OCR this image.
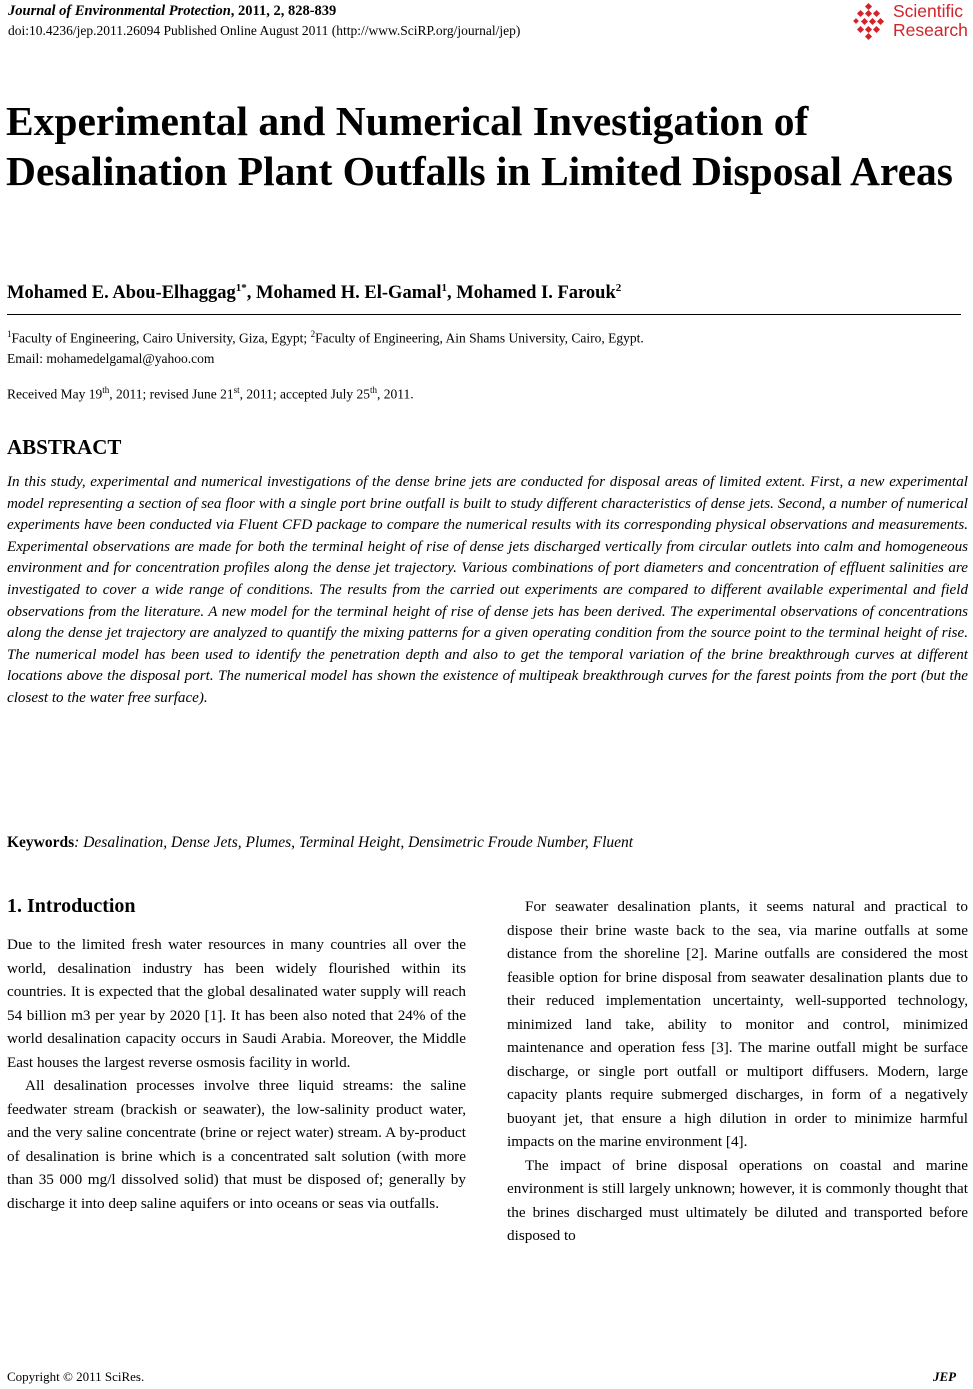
Journal of Environmental Protection, 2011, 2, 828-839
doi:10.4236/jep.2011.26094 Published Online August 2011 (http://www.SciRP.org/journal/jep)
Scientific
Research
Experimental and Numerical Investigation of Desalination Plant Outfalls in Limited Disposal Areas
Mohamed E. Abou-Elhaggag$^{1*}$, Mohamed H. El-Gamal$^1$, Mohamed I. Farouk$^2$
$^1$Faculty of Engineering, Cairo University, Giza, Egypt; $^2$Faculty of Engineering, Ain Shams University, Cairo, Egypt.
Email: mohamedelgamal@yahoo.com
Received May 19th, 2011; revised June 21st, 2011; accepted July 25th, 2011.
ABSTRACT

In this study, experimental and numerical investigations of the dense brine jets are conducted for disposal areas of limited extent. First, a new experimental model representing a section of sea floor with a single port brine outfall is built to study different characteristics of dense jets. Second, a number of numerical experiments have been conducted via Fluent CFD package to compare the numerical results with its corresponding physical observations and measurements. Experimental observations are made for both the terminal height of rise of dense jets discharged vertically from circular outlets into calm and homogeneous environment and for concentration profiles along the dense jet trajectory. Various combinations of port diameters and concentration of effluent salinities are investigated to cover a wide range of conditions. The results from the carried out experiments are compared to different available experimental and field observations from the literature. A new model for the terminal height of rise of dense jets has been derived. The experimental observations of concentrations along the dense jet trajectory are analyzed to quantify the mixing patterns for a given operating condition from the source point to the terminal height of rise. The numerical model has been used to identify the penetration depth and also to get the temporal variation of the brine breakthrough curves at different locations above the disposal port. The numerical model has shown the existence of multipeak breakthrough curves for the farest points from the port (but the closest to the water free surface).

Keywords: Desalination, Dense Jets, Plumes, Terminal Height, Densimetric Froude Number, Fluent
1. Introduction

Due to the limited fresh water resources in many countries all over the world, desalination industry has been widely flourished within its countries. It is expected that the global desalinated water supply will reach 54 billion m3 per year by 2020 [1]. It has been also noted that 24% of the world desalination capacity occurs in Saudi Arabia. Moreover, the Middle East houses the largest reverse osmosis facility in world.

All desalination processes involve three liquid streams: the saline feedwater stream (brackish or seawater), the low-salinity product water, and the very saline concentrate (brine or reject water) stream. A by-product of desalination is brine which is a concentrated salt solution (with more than 35 000 mg/l dissolved solid) that must be disposed of; generally by discharge it into deep saline aquifers or into oceans or seas via outfalls.

For seawater desalination plants, it seems natural and practical to dispose their brine waste back to the sea, via marine outfalls at some distance from the shoreline [2]. Marine outfalls are considered the most feasible option for brine disposal from seawater desalination plants due to their reduced implementation uncertainty, well-supported technology, minimized land take, ability to monitor and control, minimized maintenance and operation fess [3]. The marine outfall might be surface discharge, or single port outfall or multiport diffusers. Modern, large capacity plants require submerged discharges, in form of a negatively buoyant jet, that ensure a high dilution in order to minimize harmful impacts on the marine environment [4].

The impact of brine disposal operations on coastal and marine environment is still largely unknown; however, it is commonly thought that the brines discharged must ultimately be diluted and transported before disposed to

Copyright © 2011 SciRes.	JEP
